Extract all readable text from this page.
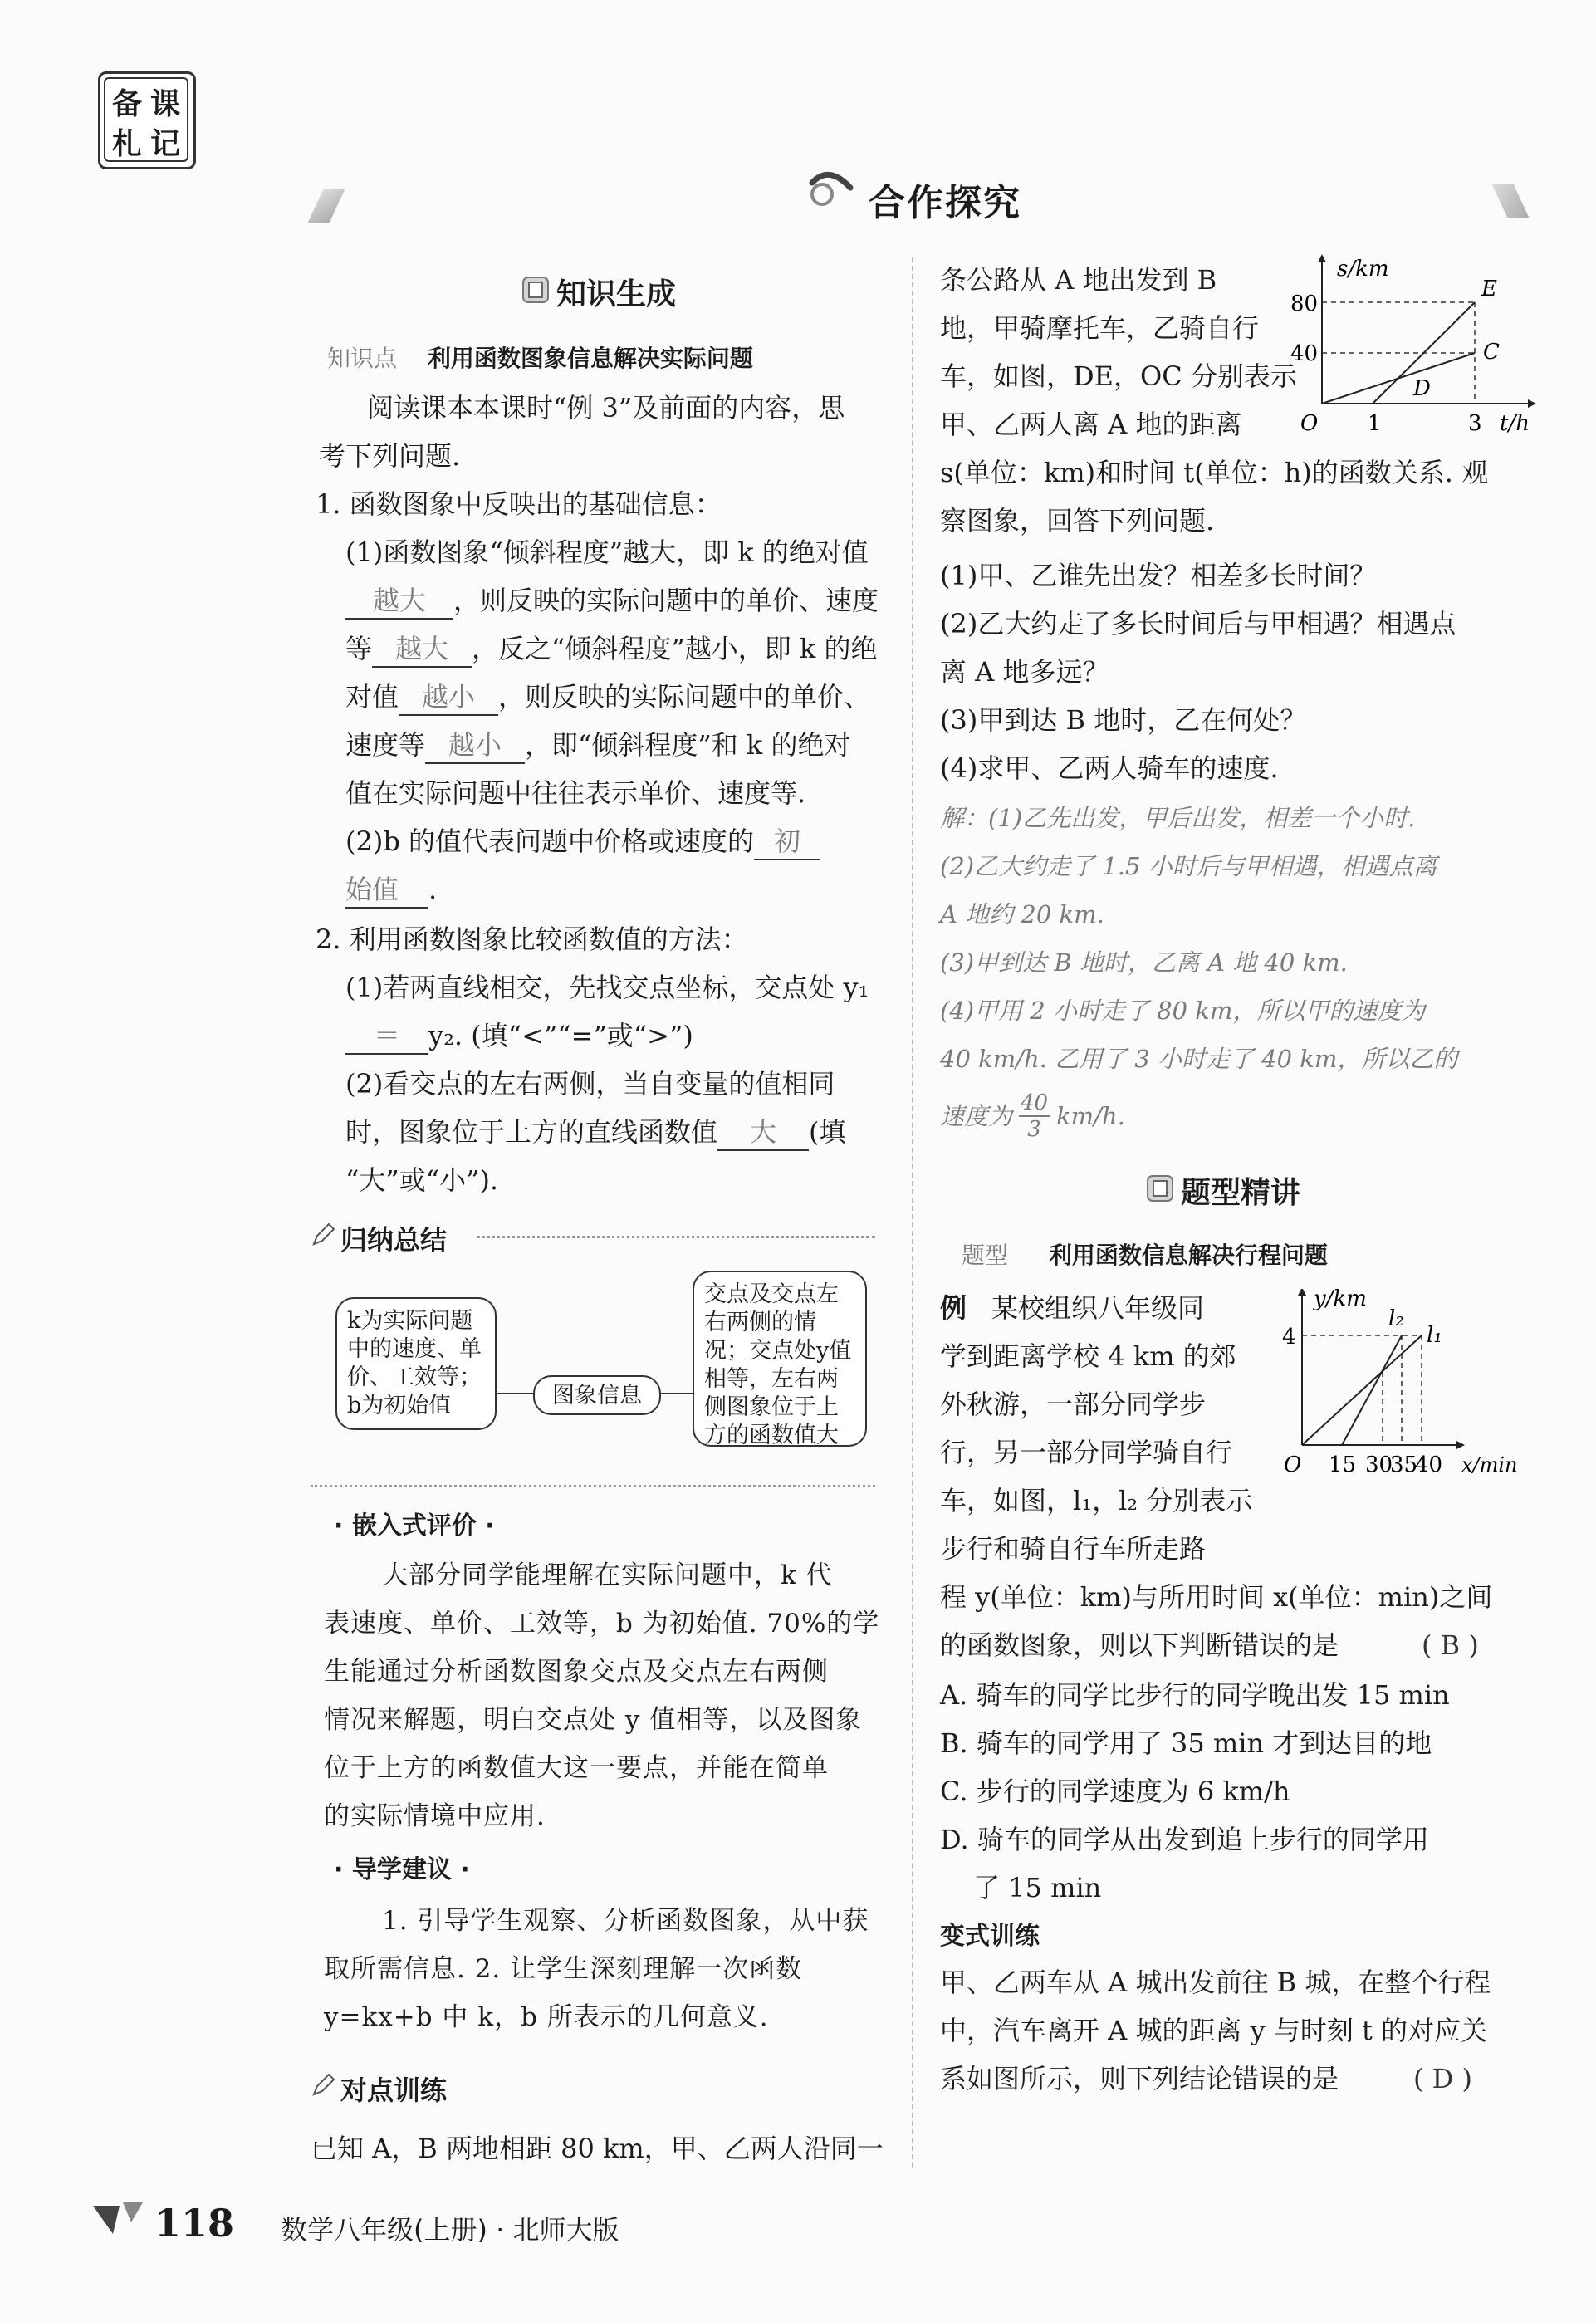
备 课
札 记
合作探究
知识生成
知识点 利用函数图象信息解决实际问题
阅读课本本课时“例 3”及前面的内容，思
考下列问题.
1. 函数图象中反映出的基础信息：
(1)函数图象“倾斜程度”越大，即 k 的绝对值
越大 ，则反映的实际问题中的单价、速度
等 越大 ，反之“倾斜程度”越小，即 k 的绝
对值 越小 ，则反映的实际问题中的单价、
速度等 越小 ，即“倾斜程度”和 k 的绝对
值在实际问题中往往表示单价、速度等.
(2)b 的值代表问题中价格或速度的 初
始值 .
2. 利用函数图象比较函数值的方法：
(1)若两直线相交，先找交点坐标，交点处 y₁
＝ y₂. (填“<”“=”或“>”)
(2)看交点的左右两侧，当自变量的值相同
时，图象位于上方的直线函数值 大 (填
“大”或“小”).
归纳总结
k为实际问题中的速度、单价、工效等；b为初始值	图象信息
交点及交点左右两侧的情况；交点处y值相等，左右两侧图象位于上方的函数值大
· 嵌入式评价 ·
大部分同学能理解在实际问题中，k 代
表速度、单价、工效等，b 为初始值. 70%的学
生能通过分析函数图象交点及交点左右两侧
情况来解题，明白交点处 y 值相等，以及图象
位于上方的函数值大这一要点，并能在简单
的实际情境中应用.
· 导学建议 ·
1. 引导学生观察、分析函数图象，从中获
取所需信息. 2. 让学生深刻理解一次函数
y=kx+b 中 k，b 所表示的几何意义.
对点训练
已知 A，B 两地相距 80 km，甲、乙两人沿同一
条公路从 A 地出发到 B
地，甲骑摩托车，乙骑自行
车，如图，DE，OC 分别表示
甲、乙两人离 A 地的距离
s(单位：km)和时间 t(单位：h)的函数关系. 观
察图象，回答下列问题.
s/km
80
40
O 1	3 t/h
E
C
D
(1)甲、乙谁先出发？相差多长时间？
(2)乙大约走了多长时间后与甲相遇？相遇点
离 A 地多远？
(3)甲到达 B 地时，乙在何处？
(4)求甲、乙两人骑车的速度.
解：(1)乙先出发，甲后出发，相差一个小时.
(2)乙大约走了 1.5 小时后与甲相遇，相遇点离
A 地约 20 km.
(3)甲到达 B 地时，乙离 A 地 40 km.
(4)甲用 2 小时走了 80 km，所以甲的速度为
40 km/h. 乙用了 3 小时走了 40 km，所以乙的
速度为 $\frac{40}{3} km/h$.
题型精讲
题型 利用函数信息解决行程问题
例 某校组织八年级同
学到距离学校 4 km 的郊
外秋游，一部分同学步
行，另一部分同学骑自行
车，如图，l₁，l₂ 分别表示
步行和骑自行车所走路
程 y(单位：km)与所用时间 x(单位：min)之间
的函数图象，则以下判断错误的是	( B )
y/km
4
O 15 30
35
40 x/min
l₂
l₁
A. 骑车的同学比步行的同学晚出发 15 min
B. 骑车的同学用了 35 min 才到达目的地
C. 步行的同学速度为 6 km/h
D. 骑车的同学从出发到追上步行的同学用
了 15 min
变式训练
甲、乙两车从 A 城出发前往 B 城，在整个行程
中，汽车离开 A 城的距离 y 与时刻 t 的对应关
系如图所示，则下列结论错误的是	( D )
118 数学八年级(上册) · 北师大版
